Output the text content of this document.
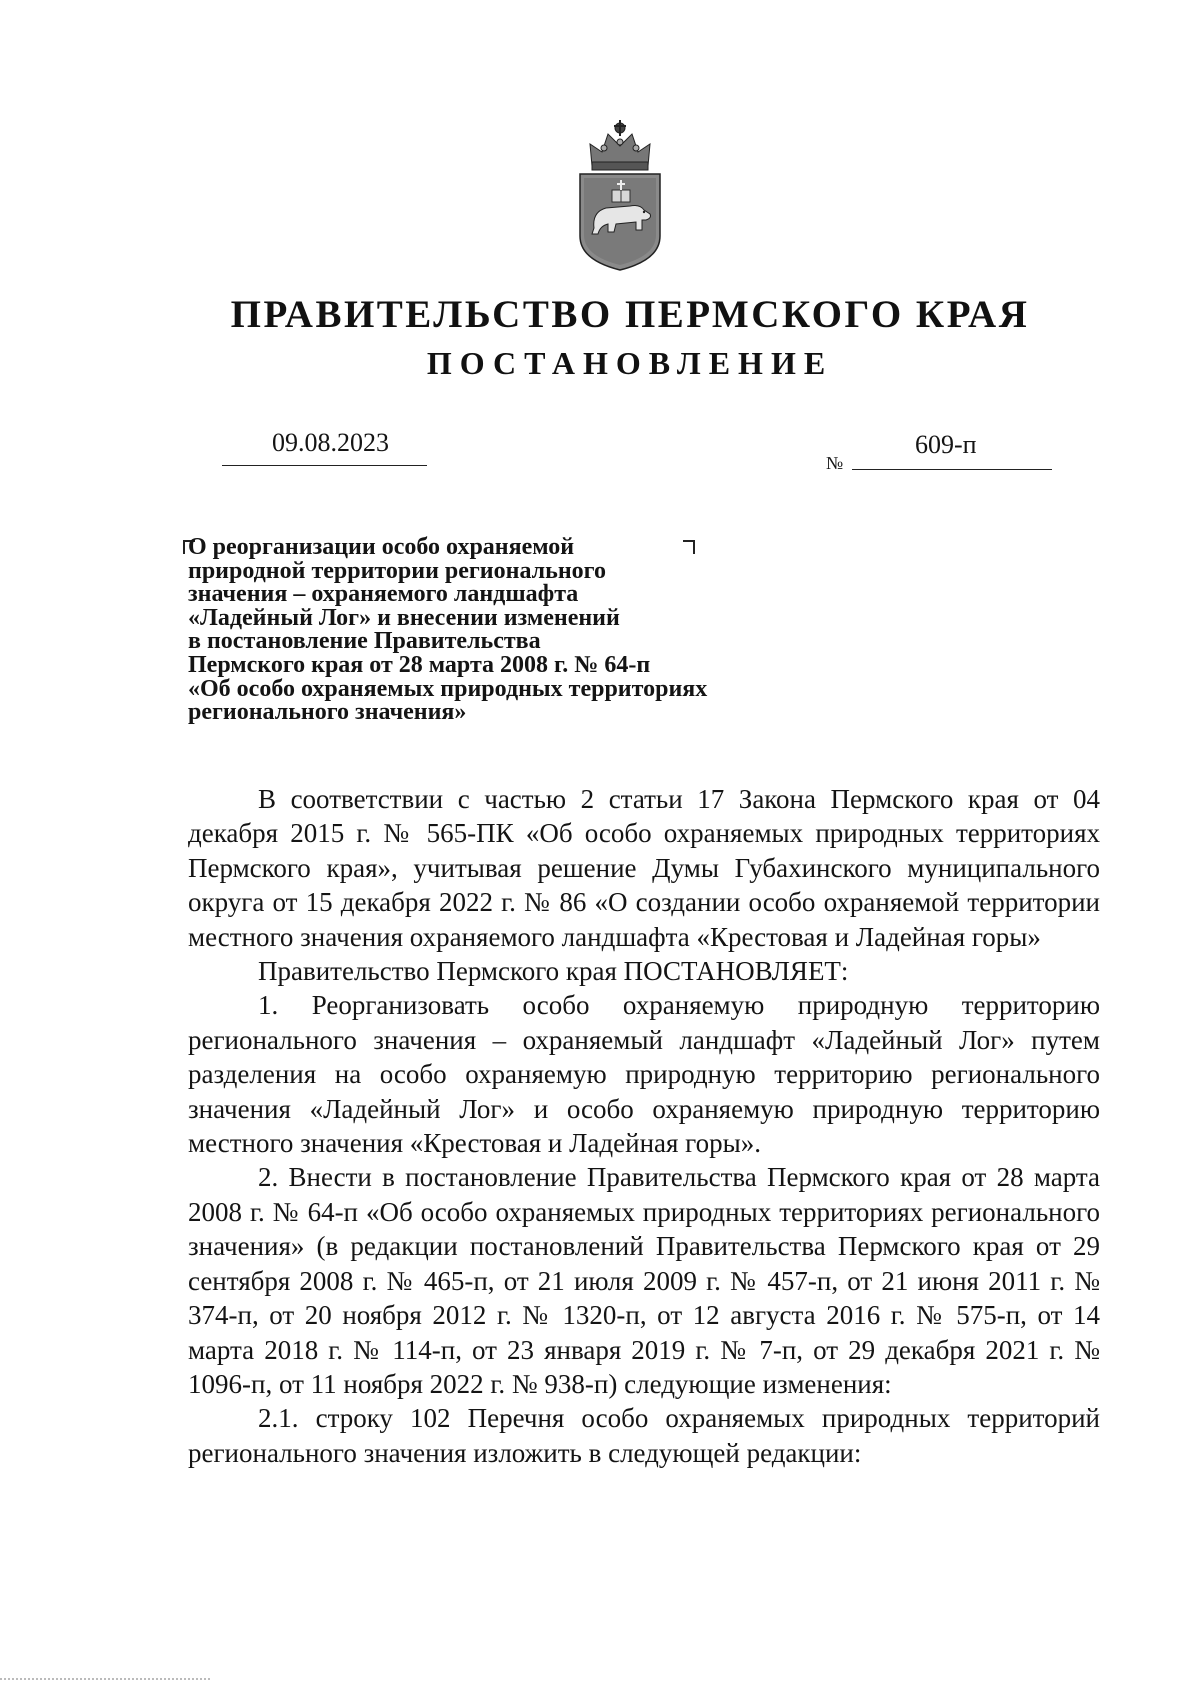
ПРАВИТЕЛЬСТВО ПЕРМСКОГО КРАЯ
ПОСТАНОВЛЕНИЕ
09.08.2023
№
609-п
О реорганизации особо охраняемой
природной территории регионального
значения – охраняемого ландшафта
«Ладейный Лог» и внесении изменений
в постановление Правительства
Пермского края от 28 марта 2008 г. № 64-п
«Об особо охраняемых природных территориях
регионального значения»

В соответствии с частью 2 статьи 17 Закона Пермского края от 04 декабря 2015 г. № 565-ПК «Об особо охраняемых природных территориях Пермского края», учитывая решение Думы Губахинского муниципального округа от 15 декабря 2022 г. № 86 «О создании особо охраняемой территории местного значения охраняемого ландшафта «Крестовая и Ладейная горы»

Правительство Пермского края ПОСТАНОВЛЯЕТ:

1. Реорганизовать особо охраняемую природную территорию регионального значения – охраняемый ландшафт «Ладейный Лог» путем разделения на особо охраняемую природную территорию регионального значения «Ладейный Лог» и особо охраняемую природную территорию местного значения «Крестовая и Ладейная горы».

2. Внести в постановление Правительства Пермского края от 28 марта 2008 г. № 64-п «Об особо охраняемых природных территориях регионального значения» (в редакции постановлений Правительства Пермского края от 29 сентября 2008 г. № 465-п, от 21 июля 2009 г. № 457-п, от 21 июня 2011 г. № 374-п, от 20 ноября 2012 г. № 1320-п, от 12 августа 2016 г. № 575-п, от 14 марта 2018 г. № 114-п, от 23 января 2019 г. № 7-п, от 29 декабря 2021 г. № 1096-п, от 11 ноября 2022 г. № 938-п) следующие изменения:

2.1. строку 102 Перечня особо охраняемых природных территорий регионального значения изложить в следующей редакции:
